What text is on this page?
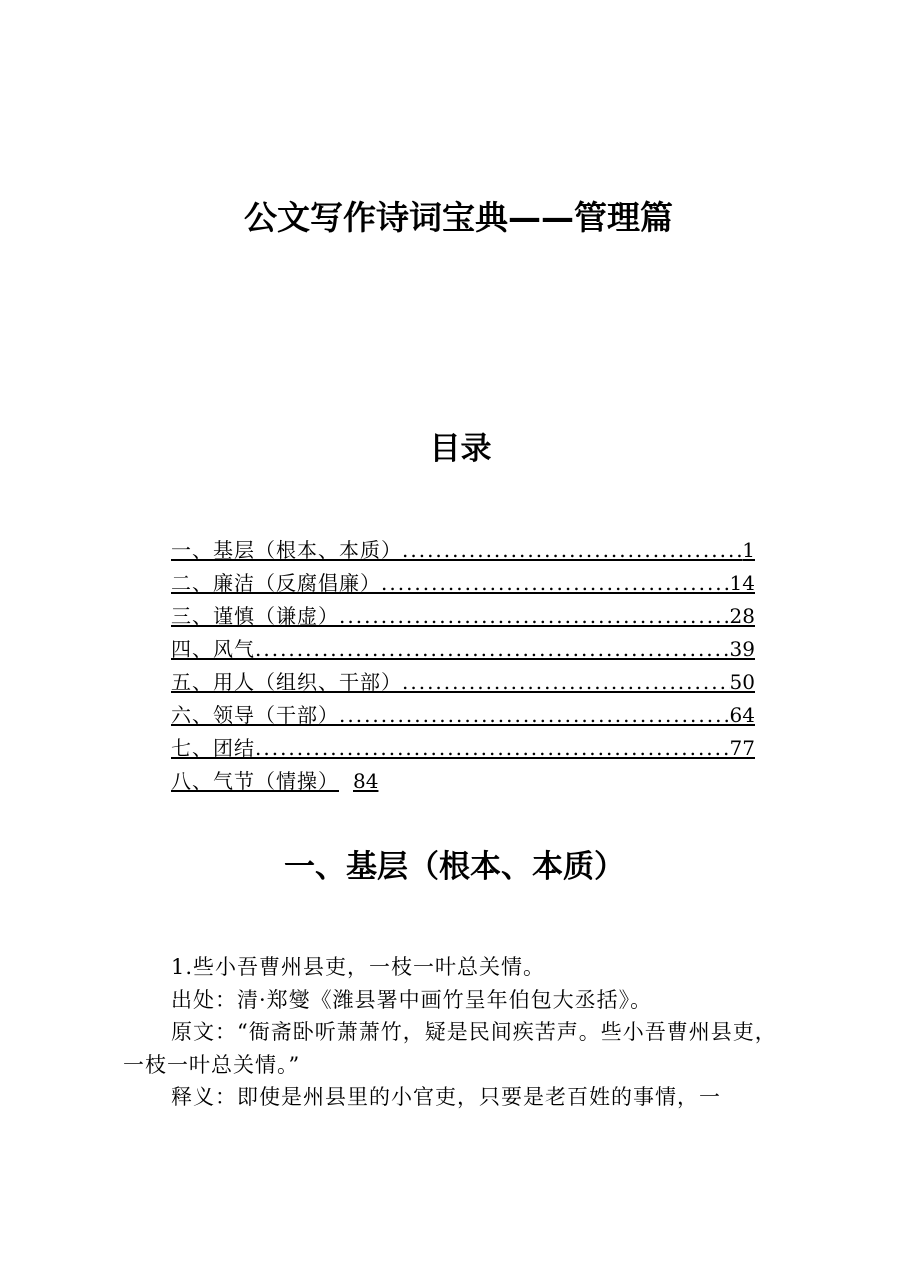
公文写作诗词宝典——管理篇
目录
一、基层（根本、本质） .....	1
二、廉洁（反腐倡廉） .....	14
三、谨慎（谦虚） .....	28
四、风气 .....	39
五、用人（组织、干部） .....	50
六、领导（干部） .....	64
七、团结 .....	77
八、气节（情操） 84
一、基层（根本、本质）

1.些小吾曹州县吏，一枝一叶总关情。

出处：清·郑燮《潍县署中画竹呈年伯包大丞括》。

原文：“衙斋卧听萧萧竹，疑是民间疾苦声。些小吾曹州县吏，一枝一叶总关情。”

释义：即使是州县里的小官吏，只要是老百姓的事情，一
